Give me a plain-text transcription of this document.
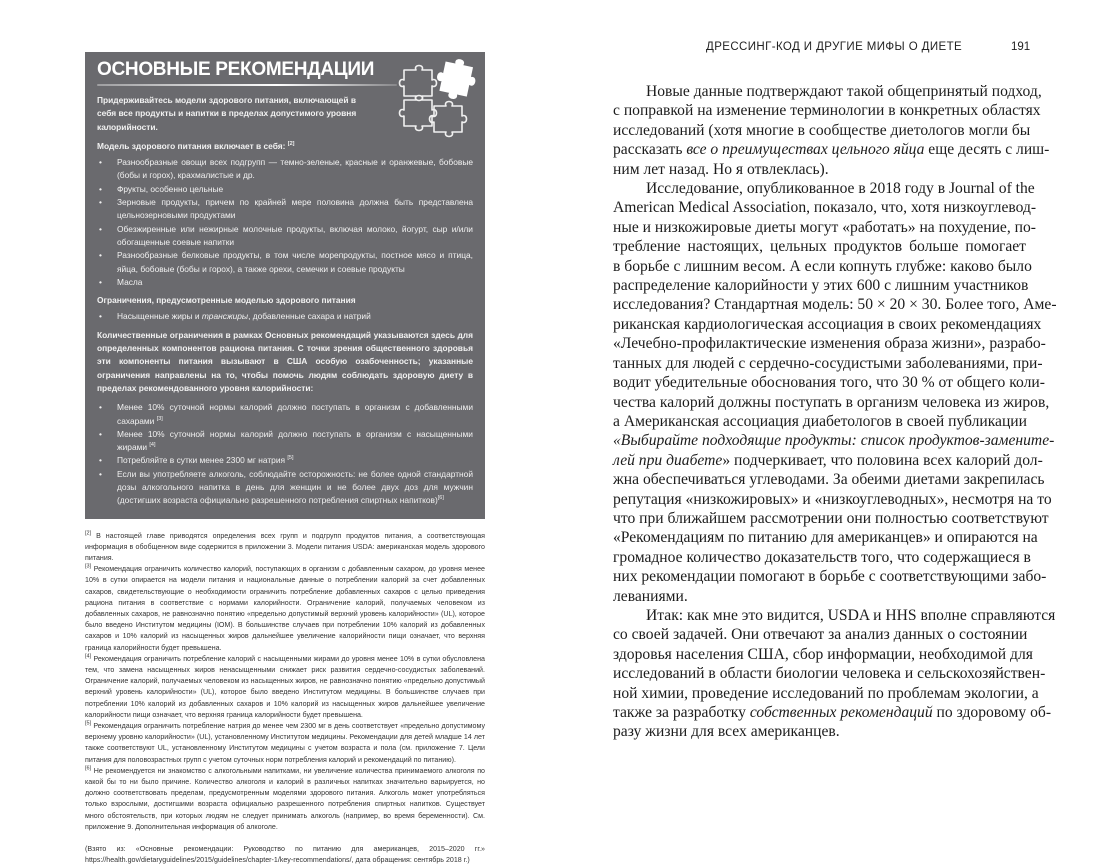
ОСНОВНЫЕ РЕКОМЕНДАЦИИ
Придерживайтесь модели здорового питания, включающей в себя все продукты и напитки в пределах допустимого уровня калорийности.
Модель здорового питания включает в себя: [2]
• Разнообразные овощи всех подгрупп — темно-зеленые, красные и оранжевые, бобовые (бобы и горох), крахмалистые и др.
• Фрукты, особенно цельные
• Зерновые продукты, причем по крайней мере половина должна быть представлена цельнозерновыми продуктами
• Обезжиренные или нежирные молочные продукты, включая молоко, йогурт, сыр и/или обогащенные соевые напитки
• Разнообразные белковые продукты, в том числе морепродукты, постное мясо и птица, яйца, бобовые (бобы и горох), а также орехи, семечки и соевые продукты
• Масла
Ограничения, предусмотренные моделью здорового питания
• Насыщенные жиры и трансжиры, добавленные сахара и натрий
Количественные ограничения в рамках Основных рекомендаций указываются здесь для определенных компонентов рациона питания. С точки зрения общественного здоровья эти компоненты питания вызывают в США особую озабоченность; указанные ограничения направлены на то, чтобы помочь людям соблюдать здоровую диету в пределах рекомендованного уровня калорийности:
• Менее 10% суточной нормы калорий должно поступать в организм с добавленными сахарами [3]
• Менее 10% суточной нормы калорий должно поступать в организм с насыщенными жирами [4]
• Потребляйте в сутки менее 2300 мг натрия [5]
• Если вы употребляете алкоголь, соблюдайте осторожность: не более одной стандартной дозы алкогольного напитка в день для женщин и не более двух доз для мужчин (достигших возраста официально разрешенного потребления спиртных напитков)[6]

[2] В настоящей главе приводятся определения всех групп и подгрупп продуктов питания, а соответствующая информация в обобщенном виде содержится в приложении 3. Модели питания USDA: американская модель здорового питания.

[3] Рекомендация ограничить количество калорий, поступающих в организм с добавленным сахаром, до уровня менее 10% в сутки опирается на модели питания и национальные данные о потреблении калорий за счет добавленных сахаров, свидетельствующие о необходимости ограничить потребление добавленных сахаров с целью приведения рациона питания в соответствие с нормами калорийности. Ограничение калорий, получаемых человеком из добавленных сахаров, не равнозначно понятию «предельно допустимый верхний уровень калорийности» (UL), которое было введено Институтом медицины (IOM). В большинстве случаев при потреблении 10% калорий из добавленных сахаров и 10% калорий из насыщенных жиров дальнейшее увеличение калорийности пищи означает, что верхняя граница калорийности будет превышена.

[4] Рекомендация ограничить потребление калорий с насыщенными жирами до уровня менее 10% в сутки обусловлена тем, что замена насыщенных жиров ненасыщенными снижает риск развития сердечно-сосудистых заболеваний. Ограничение калорий, получаемых человеком из насыщенных жиров, не равнозначно понятию «предельно допустимый верхний уровень калорийности» (UL), которое было введено Институтом медицины. В большинстве случаев при потреблении 10% калорий из добавленных сахаров и 10% калорий из насыщенных жиров дальнейшее увеличение калорийности пищи означает, что верхняя граница калорийности будет превышена.

[5] Рекомендация ограничить потребление натрия до менее чем 2300 мг в день соответствует «предельно допустимому верхнему уровню калорийности» (UL), установленному Институтом медицины. Рекомендации для детей младше 14 лет также соответствуют UL, установленному Институтом медицины с учетом возраста и пола (см. приложение 7. Цели питания для половозрастных групп с учетом суточных норм потребления калорий и рекомендаций по питанию).

[6] Не рекомендуется ни знакомство с алкогольными напитками, ни увеличение количества принимаемого алкоголя по какой бы то ни было причине. Количество алкоголя и калорий в различных напитках значительно варьируется, но должно соответствовать пределам, предусмотренным моделями здорового питания. Алкоголь может употребляться только взрослыми, достигшими возраста официально разрешенного потребления спиртных напитков. Существует много обстоятельств, при которых людям не следует принимать алкоголь (например, во время беременности). См. приложение 9. Дополнительная информация об алкоголе.

(Взято из: «Основные рекомендации: Руководство по питанию для американцев, 2015–2020 гг.» https://health.gov/dietaryguidelines/2015/guidelines/chapter-1/key-recommendations/, дата обращения: сентябрь 2018 г.)

ДРЕССИНГ-КОД И ДРУГИЕ МИФЫ О ДИЕТЕ	191
Новые данные подтверждают такой общепринятый подход,
с поправкой на изменение терминологии в конкретных областях
исследований (хотя многие в сообществе диетологов могли бы
рассказать все о преимуществах цельного яйца еще десять с лиш-
ним лет назад. Но я отвлеклась).
Исследование, опубликованное в 2018 году в Journal of the
American Medical Association, показало, что, хотя низкоуглевод-
ные и низкожировые диеты могут «работать» на похудение, по-
требление настоящих, цельных продуктов больше помогает
в борьбе с лишним весом. А если копнуть глубже: каково было
распределение калорийности у этих 600 с лишним участников
исследования? Стандартная модель: 50 × 20 × 30. Более того, Аме-
риканская кардиологическая ассоциация в своих рекомендациях
«Лечебно-профилактические изменения образа жизни», разрабо-
танных для людей с сердечно-сосудистыми заболеваниями, при-
водит убедительные обоснования того, что 30 % от общего коли-
чества калорий должны поступать в организм человека из жиров,
а Американская ассоциация диабетологов в своей публикации
«Выбирайте подходящие продукты: список продуктов-замените-
лей при диабете» подчеркивает, что половина всех калорий дол-
жна обеспечиваться углеводами. За обеими диетами закрепилась
репутация «низкожировых» и «низкоуглеводных», несмотря на то
что при ближайшем рассмотрении они полностью соответствуют
«Рекомендациям по питанию для американцев» и опираются на
громадное количество доказательств того, что содержащиеся в
них рекомендации помогают в борьбе с соответствующими забо-
леваниями.
Итак: как мне это видится, USDA и HHS вполне справляются
со своей задачей. Они отвечают за анализ данных о состоянии
здоровья населения США, сбор информации, необходимой для
исследований в области биологии человека и сельскохозяйствен-
ной химии, проведение исследований по проблемам экологии, а
также за разработку собственных рекомендаций по здоровому об-
разу жизни для всех американцев.
